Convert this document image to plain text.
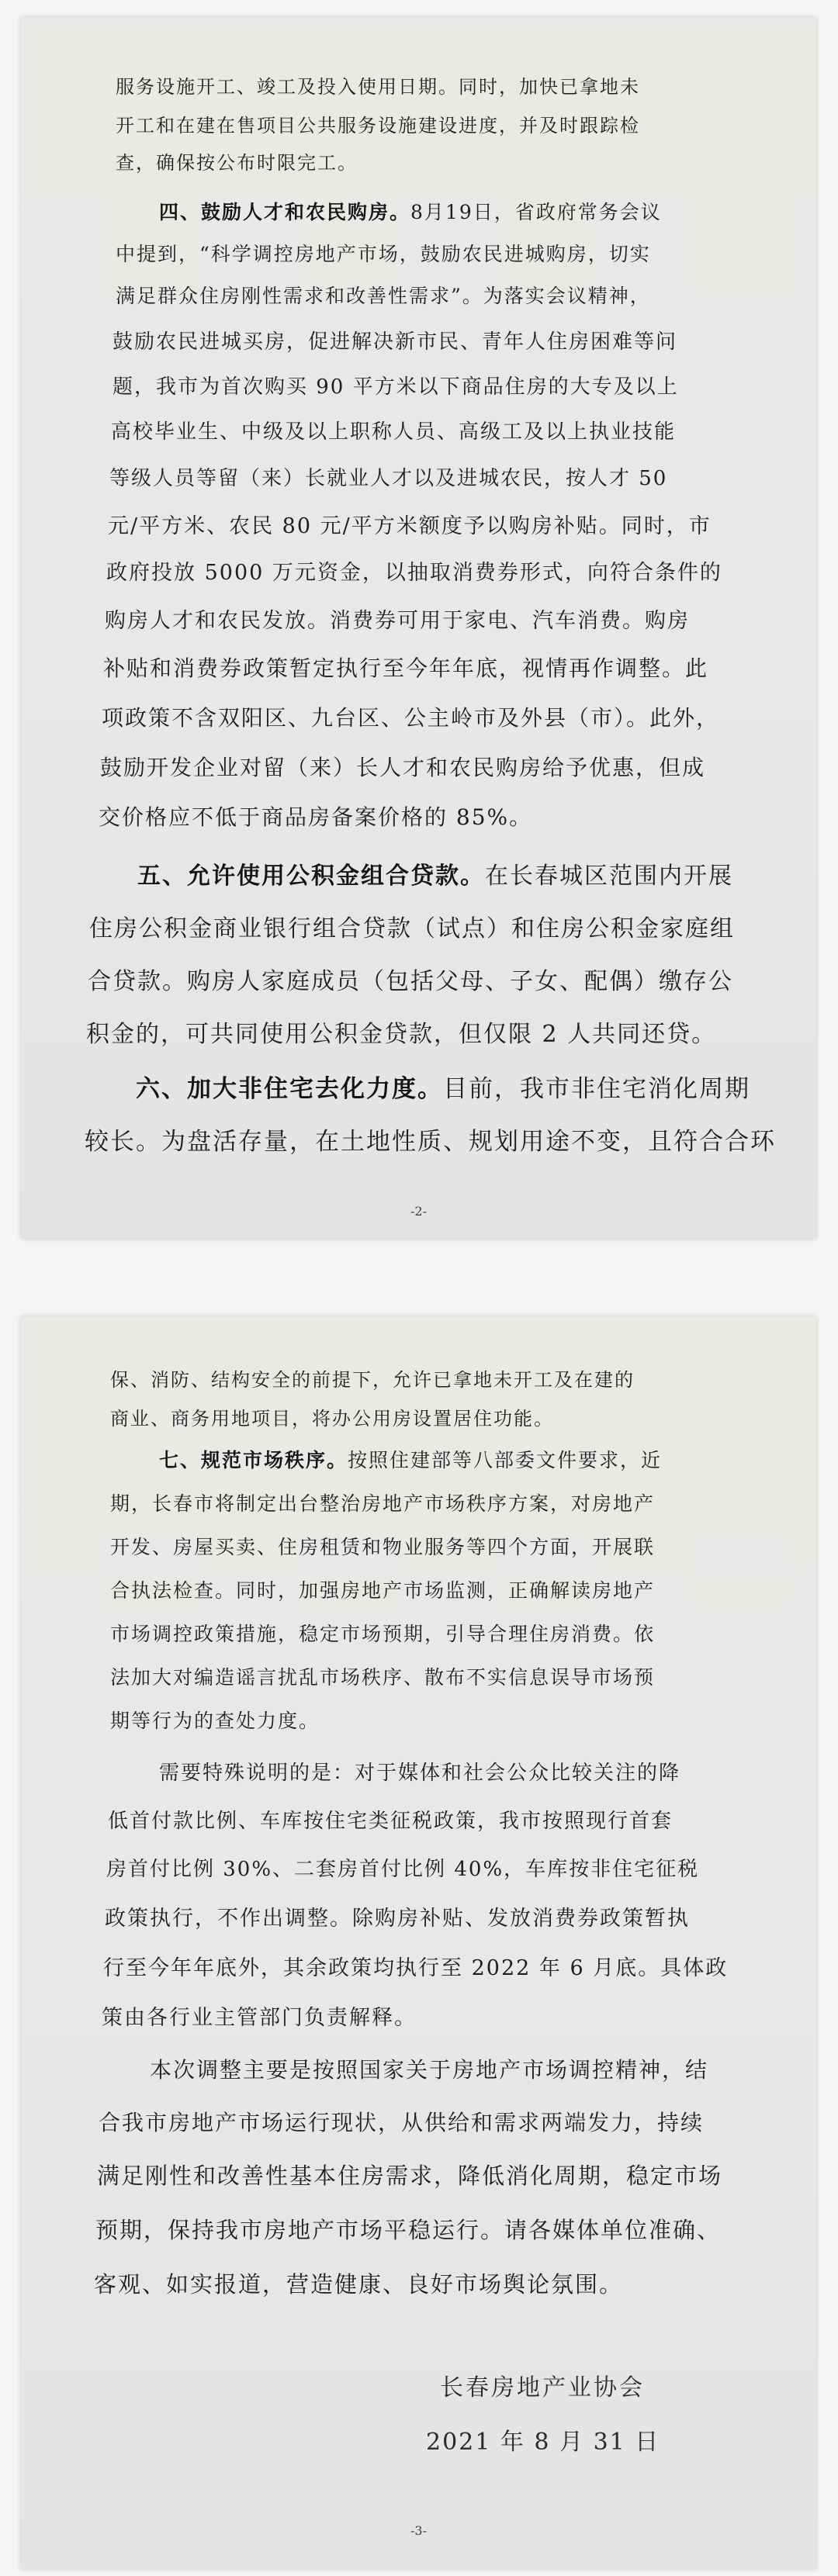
服务设施开工、竣工及投入使用日期。同时，加快已拿地未
开工和在建在售项目公共服务设施建设进度，并及时跟踪检
查，确保按公布时限完工。
四、鼓励人才和农民购房。8月19日，省政府常务会议
中提到，“科学调控房地产市场，鼓励农民进城购房，切实
满足群众住房刚性需求和改善性需求”。为落实会议精神，
鼓励农民进城买房，促进解决新市民、青年人住房困难等问
题，我市为首次购买 90 平方米以下商品住房的大专及以上
高校毕业生、中级及以上职称人员、高级工及以上执业技能
等级人员等留（来）长就业人才以及进城农民，按人才 50
元/平方米、农民 80 元/平方米额度予以购房补贴。同时，市
政府投放 5000 万元资金，以抽取消费券形式，向符合条件的
购房人才和农民发放。消费券可用于家电、汽车消费。购房
补贴和消费券政策暂定执行至今年年底，视情再作调整。此
项政策不含双阳区、九台区、公主岭市及外县（市）。此外，
鼓励开发企业对留（来）长人才和农民购房给予优惠，但成
交价格应不低于商品房备案价格的 85%。
五、允许使用公积金组合贷款。在长春城区范围内开展
住房公积金商业银行组合贷款（试点）和住房公积金家庭组
合贷款。购房人家庭成员（包括父母、子女、配偶）缴存公
积金的，可共同使用公积金贷款，但仅限 2 人共同还贷。
六、加大非住宅去化力度。目前，我市非住宅消化周期
较长。为盘活存量，在土地性质、规划用途不变，且符合合环
-2-
保、消防、结构安全的前提下，允许已拿地未开工及在建的
商业、商务用地项目，将办公用房设置居住功能。
七、规范市场秩序。按照住建部等八部委文件要求，近
期，长春市将制定出台整治房地产市场秩序方案，对房地产
开发、房屋买卖、住房租赁和物业服务等四个方面，开展联
合执法检查。同时，加强房地产市场监测，正确解读房地产
市场调控政策措施，稳定市场预期，引导合理住房消费。依
法加大对编造谣言扰乱市场秩序、散布不实信息误导市场预
期等行为的查处力度。
需要特殊说明的是：对于媒体和社会公众比较关注的降
低首付款比例、车库按住宅类征税政策，我市按照现行首套
房首付比例 30%、二套房首付比例 40%，车库按非住宅征税
政策执行，不作出调整。除购房补贴、发放消费券政策暂执
行至今年年底外，其余政策均执行至 2022 年 6 月底。具体政
策由各行业主管部门负责解释。
本次调整主要是按照国家关于房地产市场调控精神，结
合我市房地产市场运行现状，从供给和需求两端发力，持续
满足刚性和改善性基本住房需求，降低消化周期，稳定市场
预期，保持我市房地产市场平稳运行。请各媒体单位准确、
客观、如实报道，营造健康、良好市场舆论氛围。
长春房地产业协会
2021 年 8 月 31 日
-3-
